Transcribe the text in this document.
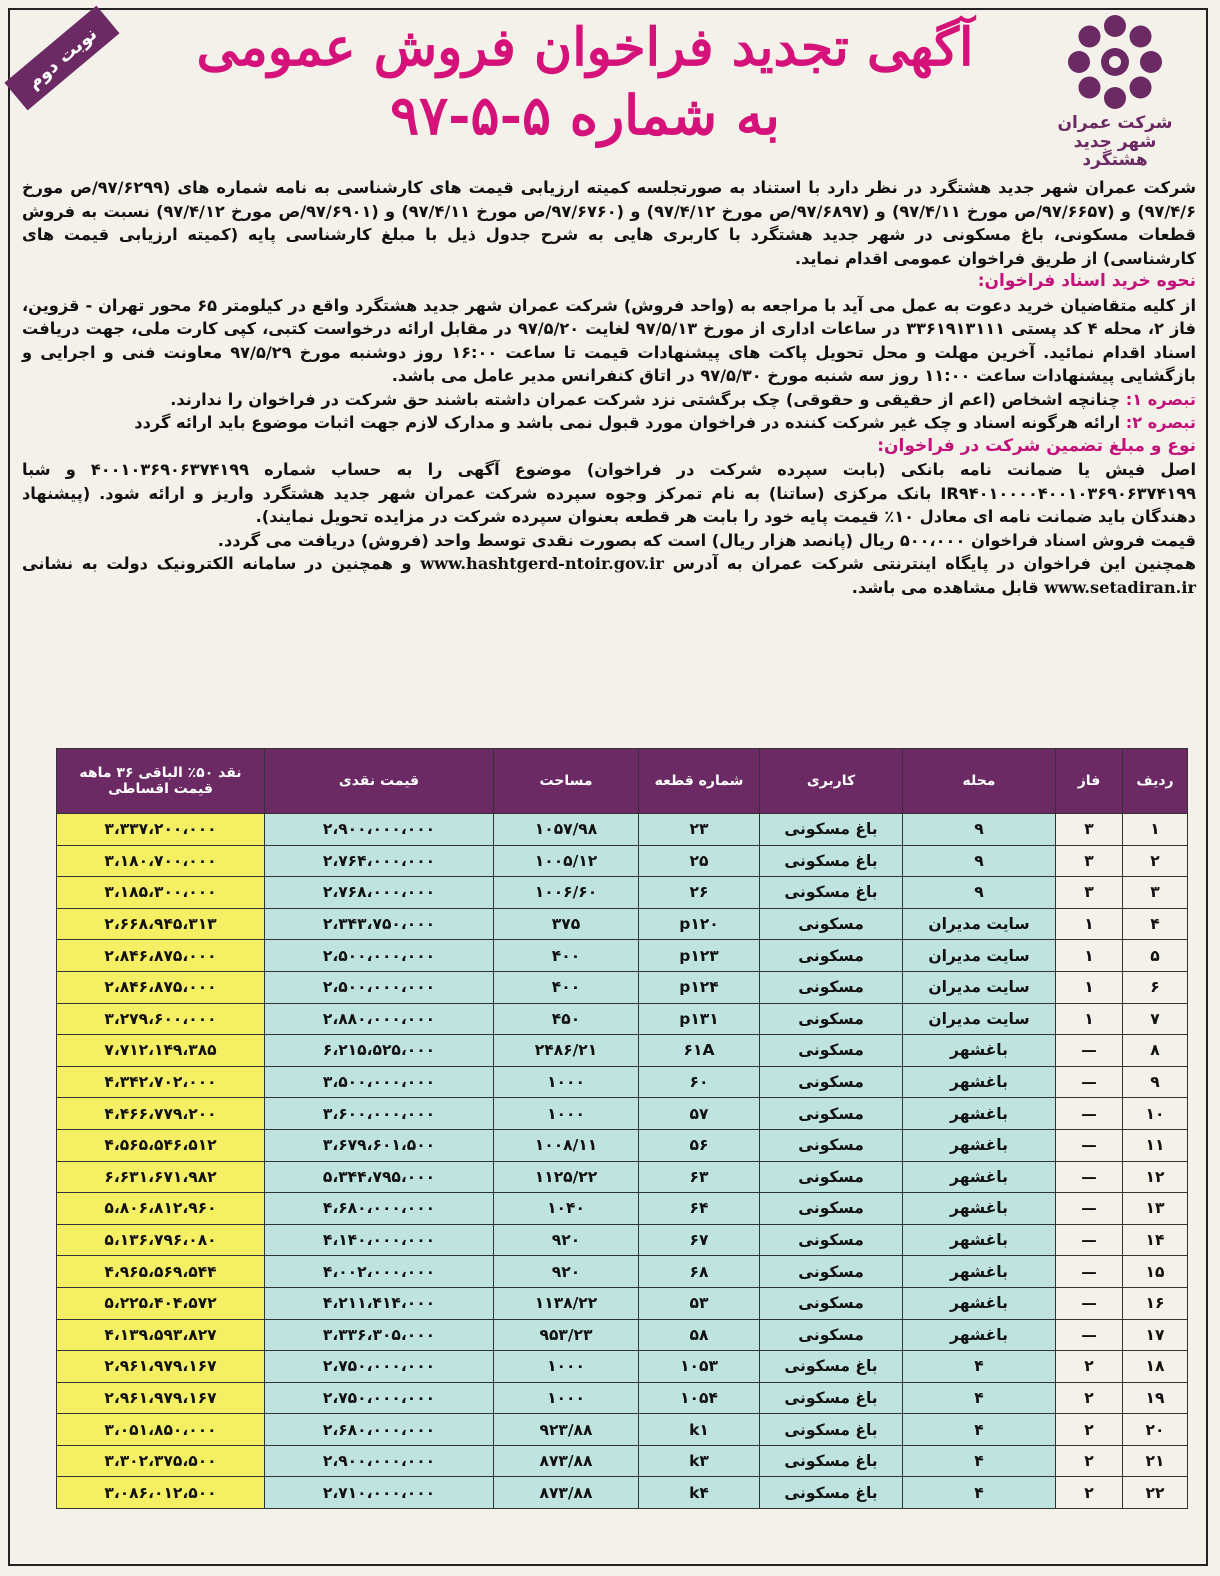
نوبت دوم
شرکت عمران
شهر جدید هشتگرد
آگهی تجدید فراخوان فروش عمومی
به شماره ۵-۵-۹۷

شرکت عمران شهر جدید هشتگرد در نظر دارد با استناد به صورتجلسه کمیته ارزیابی قیمت های کارشناسی به نامه شماره های (۹۷/۶۲۹۹/ص مورخ ۹۷/۴/۶) و (۹۷/۶۶۵۷/ص مورخ ۹۷/۴/۱۱) و (۹۷/۶۸۹۷/ص مورخ ۹۷/۴/۱۲) و (۹۷/۶۷۶۰/ص مورخ ۹۷/۴/۱۱) و (۹۷/۶۹۰۱/ص مورخ ۹۷/۴/۱۲) نسبت به فروش قطعات مسکونی، باغ مسکونی در شهر جدید هشتگرد با کاربری هایی به شرح جدول ذیل با مبلغ کارشناسی پایه (کمیته ارزیابی قیمت های کارشناسی) از طریق فراخوان عمومی اقدام نماید.

نحوه خرید اسناد فراخوان:

از کلیه متقاضیان خرید دعوت به عمل می آید با مراجعه به (واحد فروش) شرکت عمران شهر جدید هشتگرد واقع در کیلومتر ۶۵ محور تهران - قزوین، فاز ۲، محله ۴ کد پستی ۳۳۶۱۹۱۳۱۱۱ در ساعات اداری از مورخ ۹۷/۵/۱۳ لغایت ۹۷/۵/۲۰ در مقابل ارائه درخواست کتبی، کپی کارت ملی، جهت دریافت اسناد اقدام نمائید. آخرین مهلت و محل تحویل پاکت های پیشنهادات قیمت تا ساعت ۱۶:۰۰ روز دوشنبه مورخ ۹۷/۵/۲۹ معاونت فنی و اجرایی و بازگشایی پیشنهادات ساعت ۱۱:۰۰ روز سه شنبه مورخ ۹۷/۵/۳۰ در اتاق کنفرانس مدیر عامل می باشد.

تبصره ۱: چنانچه اشخاص (اعم از حقیقی و حقوقی) چک برگشتی نزد شرکت عمران داشته باشند حق شرکت در فراخوان را ندارند.

تبصره ۲: ارائه هرگونه اسناد و چک غیر شرکت کننده در فراخوان مورد قبول نمی باشد و مدارک لازم جهت اثبات موضوع باید ارائه گردد

نوع و مبلغ تضمین شرکت در فراخوان:

اصل فیش یا ضمانت نامه بانکی (بابت سپرده شرکت در فراخوان) موضوع آگهی را به حساب شماره ۴۰۰۱۰۳۶۹۰۶۳۷۴۱۹۹ و شبا IR۹۴۰۱۰۰۰۰۴۰۰۱۰۳۶۹۰۶۳۷۴۱۹۹ بانک مرکزی (ساتنا) به نام تمرکز وجوه سپرده شرکت عمران شهر جدید هشتگرد واریز و ارائه شود. (پیشنهاد دهندگان باید ضمانت نامه ای معادل ۱۰٪ قیمت پایه خود را بابت هر قطعه بعنوان سپرده شرکت در مزایده تحویل نمایند).

قیمت فروش اسناد فراخوان ۵۰۰،۰۰۰ ریال (پانصد هزار ریال) است که بصورت نقدی توسط واحد (فروش) دریافت می گردد.

همچنین این فراخوان در پایگاه اینترنتی شرکت عمران به آدرس www.hashtgerd-ntoir.gov.ir و همچنین در سامانه الکترونیک دولت به نشانی www.setadiran.ir قابل مشاهده می باشد.

ردیف	فاز	محله	کاربری	شماره قطعه	مساحت	قیمت نقدی	نقد ۵۰٪ الباقی ۳۶ ماهه قیمت اقساطی
۱	۳	۹	باغ مسکونی	۲۳	۱۰۵۷/۹۸	۲،۹۰۰،۰۰۰،۰۰۰	۳،۳۳۷،۲۰۰،۰۰۰
۲	۳	۹	باغ مسکونی	۲۵	۱۰۰۵/۱۲	۲،۷۶۴،۰۰۰،۰۰۰	۳،۱۸۰،۷۰۰،۰۰۰
۳	۳	۹	باغ مسکونی	۲۶	۱۰۰۶/۶۰	۲،۷۶۸،۰۰۰،۰۰۰	۳،۱۸۵،۳۰۰،۰۰۰
۴	۱	سایت مدیران	مسکونی	p۱۲۰	۳۷۵	۲،۳۴۳،۷۵۰،۰۰۰	۲،۶۶۸،۹۴۵،۳۱۳
۵	۱	سایت مدیران	مسکونی	p۱۲۳	۴۰۰	۲،۵۰۰،۰۰۰،۰۰۰	۲،۸۴۶،۸۷۵،۰۰۰
۶	۱	سایت مدیران	مسکونی	p۱۲۴	۴۰۰	۲،۵۰۰،۰۰۰،۰۰۰	۲،۸۴۶،۸۷۵،۰۰۰
۷	۱	سایت مدیران	مسکونی	p۱۳۱	۴۵۰	۲،۸۸۰،۰۰۰،۰۰۰	۳،۲۷۹،۶۰۰،۰۰۰
۸	—	باغشهر	مسکونی	۶۱A	۲۴۸۶/۲۱	۶،۲۱۵،۵۲۵،۰۰۰	۷،۷۱۲،۱۴۹،۳۸۵
۹	—	باغشهر	مسکونی	۶۰	۱۰۰۰	۳،۵۰۰،۰۰۰،۰۰۰	۴،۳۴۲،۷۰۲،۰۰۰
۱۰	—	باغشهر	مسکونی	۵۷	۱۰۰۰	۳،۶۰۰،۰۰۰،۰۰۰	۴،۴۶۶،۷۷۹،۲۰۰
۱۱	—	باغشهر	مسکونی	۵۶	۱۰۰۸/۱۱	۳،۶۷۹،۶۰۱،۵۰۰	۴،۵۶۵،۵۴۶،۵۱۲
۱۲	—	باغشهر	مسکونی	۶۳	۱۱۲۵/۲۲	۵،۳۴۴،۷۹۵،۰۰۰	۶،۶۳۱،۶۷۱،۹۸۲
۱۳	—	باغشهر	مسکونی	۶۴	۱۰۴۰	۴،۶۸۰،۰۰۰،۰۰۰	۵،۸۰۶،۸۱۲،۹۶۰
۱۴	—	باغشهر	مسکونی	۶۷	۹۲۰	۴،۱۴۰،۰۰۰،۰۰۰	۵،۱۳۶،۷۹۶،۰۸۰
۱۵	—	باغشهر	مسکونی	۶۸	۹۲۰	۴،۰۰۲،۰۰۰،۰۰۰	۴،۹۶۵،۵۶۹،۵۴۴
۱۶	—	باغشهر	مسکونی	۵۳	۱۱۳۸/۲۲	۴،۲۱۱،۴۱۴،۰۰۰	۵،۲۲۵،۴۰۴،۵۷۲
۱۷	—	باغشهر	مسکونی	۵۸	۹۵۳/۲۳	۳،۳۳۶،۳۰۵،۰۰۰	۴،۱۳۹،۵۹۳،۸۲۷
۱۸	۲	۴	باغ مسکونی	۱۰۵۳	۱۰۰۰	۲،۷۵۰،۰۰۰،۰۰۰	۲،۹۶۱،۹۷۹،۱۶۷
۱۹	۲	۴	باغ مسکونی	۱۰۵۴	۱۰۰۰	۲،۷۵۰،۰۰۰،۰۰۰	۲،۹۶۱،۹۷۹،۱۶۷
۲۰	۲	۴	باغ مسکونی	k۱	۹۲۳/۸۸	۲،۶۸۰،۰۰۰،۰۰۰	۳،۰۵۱،۸۵۰،۰۰۰
۲۱	۲	۴	باغ مسکونی	k۳	۸۷۳/۸۸	۲،۹۰۰،۰۰۰،۰۰۰	۳،۳۰۲،۳۷۵،۵۰۰
۲۲	۲	۴	باغ مسکونی	k۴	۸۷۳/۸۸	۲،۷۱۰،۰۰۰،۰۰۰	۳،۰۸۶،۰۱۲،۵۰۰
